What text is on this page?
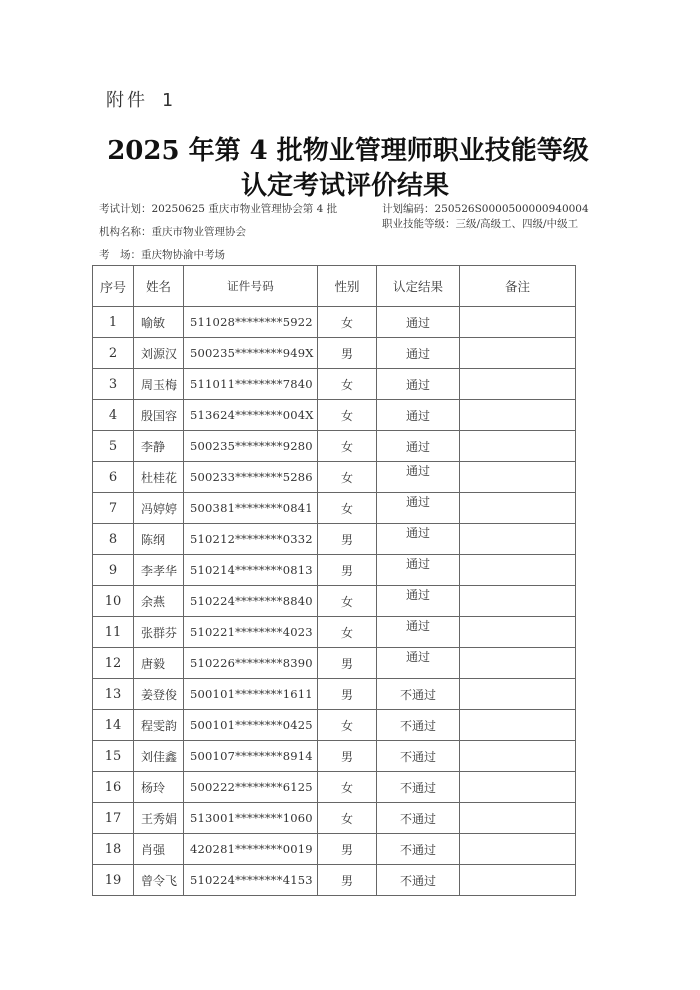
附件 1
2025 年第 4 批物业管理师职业技能等级
认定考试评价结果
考试计划：20250625 重庆市物业管理协会第 4 批	计划编码：250526S0000500000940004
机构名称：重庆市物业管理协会
职业技能等级：三级/高级工、四级/中级工
考　场：重庆物协渝中考场
序号	姓名	证件号码	性别	认定结果	备注
1	喻敏	511028********5922	女	通过	
2	刘源汉	500235********949X	男	通过	
3	周玉梅	511011********7840	女	通过	
4	殷国容	513624********004X	女	通过	
5	李静	500235********9280	女	通过	
6	杜桂花	500233********5286	女	通过	

7	冯婷婷	500381********0841	女	通过	

8	陈纲	510212********0332	男	通过	

9	李孝华	510214********0813	男	通过	

10	余燕	510224********8840	女	通过	

11	张群芬	510221********4023	女	通过	

12	唐毅	510226********8390	男	通过	

13	姜登俊	500101********1611	男	不通过	
14	程雯韵	500101********0425	女	不通过	
15	刘佳鑫	500107********8914	男	不通过	
16	杨玲	500222********6125	女	不通过	
17	王秀娟	513001********1060	女	不通过	
18	肖强	420281********0019	男	不通过	
19	曾令飞	510224********4153	男	不通过	
